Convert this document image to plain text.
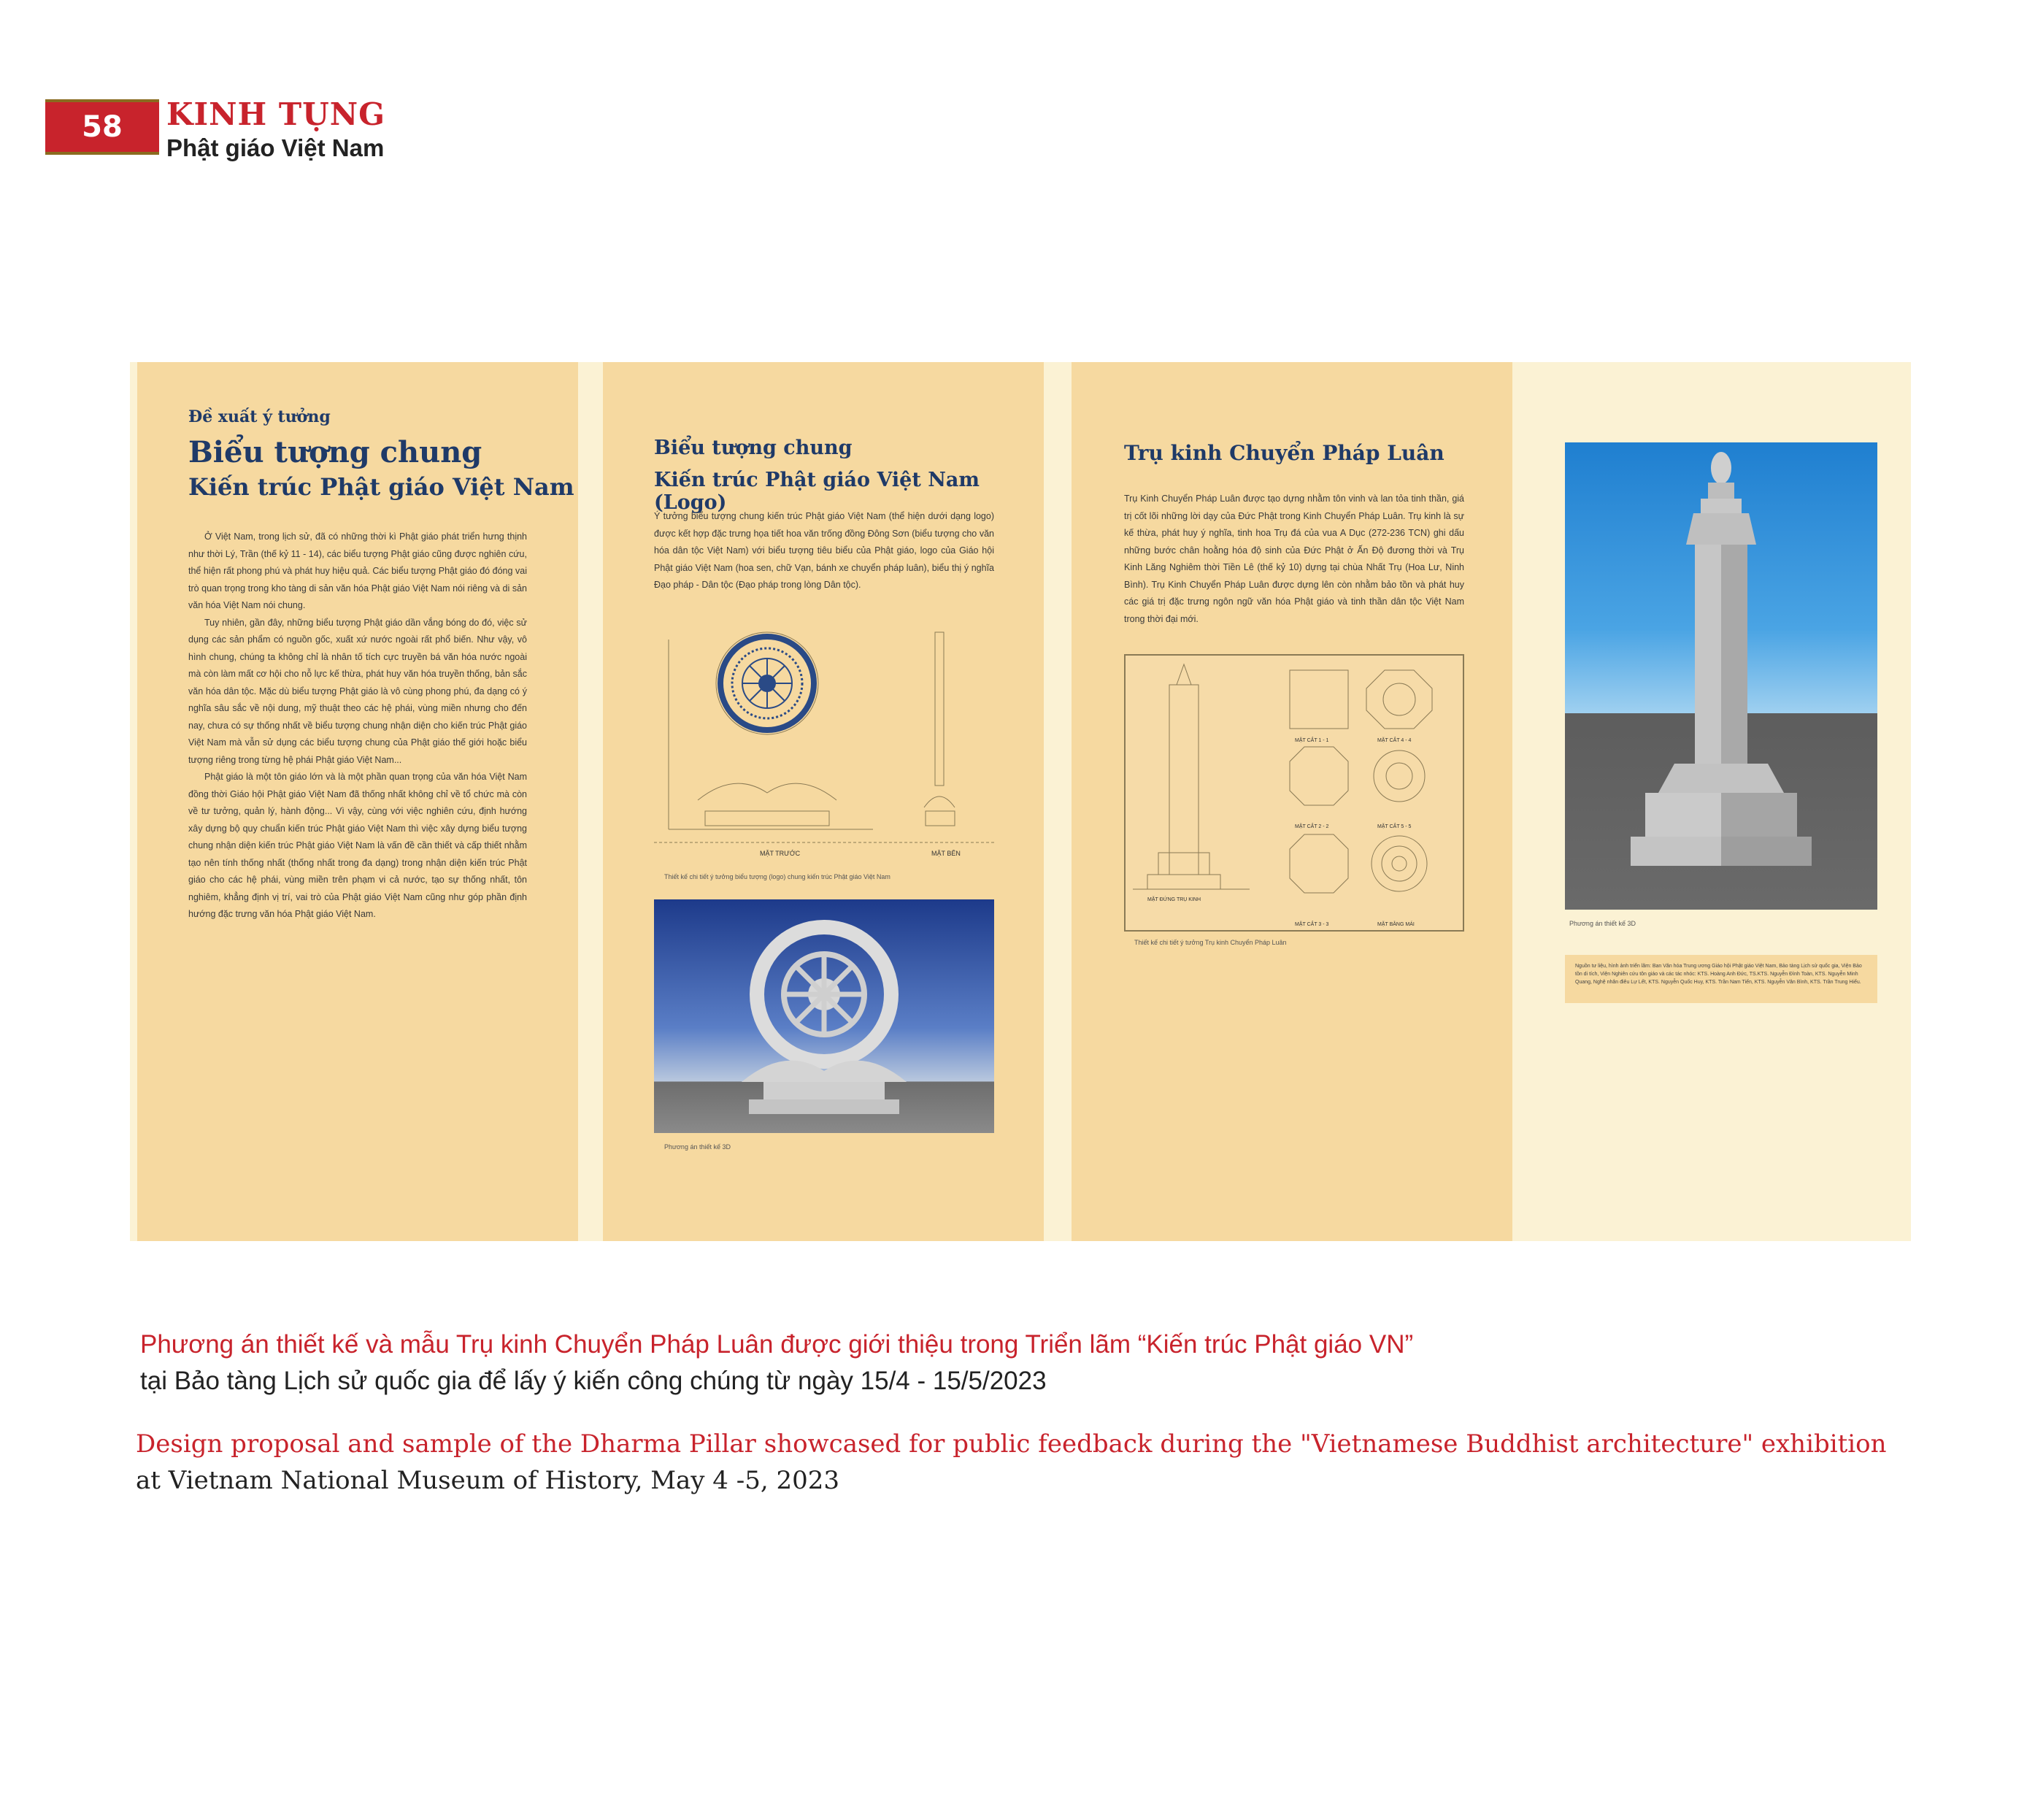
58	KINH TỤNG
Phật giáo Việt Nam
Đề xuất ý tưởng
Biểu tượng chung
Kiến trúc Phật giáo Việt Nam

Ở Việt Nam, trong lịch sử, đã có những thời kì Phật giáo phát triển hưng thịnh như thời Lý, Trần (thế kỷ 11 - 14), các biểu tượng Phật giáo cũng được nghiên cứu, thể hiện rất phong phú và phát huy hiệu quả. Các biểu tượng Phật giáo đó đóng vai trò quan trọng trong kho tàng di sản văn hóa Phật giáo Việt Nam nói riêng và di sản văn hóa Việt Nam nói chung.

Tuy nhiên, gần đây, những biểu tượng Phật giáo dần vắng bóng do đó, việc sử dụng các sản phẩm có nguồn gốc, xuất xứ nước ngoài rất phổ biến. Như vậy, vô hình chung, chúng ta không chỉ là nhân tố tích cực truyền bá văn hóa nước ngoài mà còn làm mất cơ hội cho nỗ lực kế thừa, phát huy văn hóa truyền thống, bản sắc văn hóa dân tộc. Mặc dù biểu tượng Phật giáo là vô cùng phong phú, đa dạng có ý nghĩa sâu sắc về nội dung, mỹ thuật theo các hệ phái, vùng miền nhưng cho đến nay, chưa có sự thống nhất về biểu tượng chung nhận diện cho kiến trúc Phật giáo Việt Nam mà vẫn sử dụng các biểu tượng chung của Phật giáo thế giới hoặc biểu tượng riêng trong từng hệ phái Phật giáo Việt Nam...

Phật giáo là một tôn giáo lớn và là một phần quan trọng của văn hóa Việt Nam đồng thời Giáo hội Phật giáo Việt Nam đã thống nhất không chỉ về tổ chức mà còn về tư tưởng, quản lý, hành động... Vì vậy, cùng với việc nghiên cứu, định hướng xây dựng bộ quy chuẩn kiến trúc Phật giáo Việt Nam thì việc xây dựng biểu tượng chung nhận diện kiến trúc Phật giáo Việt Nam là vấn đề cần thiết và cấp thiết nhằm tạo nên tính thống nhất (thống nhất trong đa dạng) trong nhận diện kiến trúc Phật giáo cho các hệ phái, vùng miền trên phạm vi cả nước, tạo sự thống nhất, tôn nghiêm, khẳng định vị trí, vai trò của Phật giáo Việt Nam cũng như góp phần định hướng đặc trưng văn hóa Phật giáo Việt Nam.

Biểu tượng chung
Kiến trúc Phật giáo Việt Nam (Logo)
Ý tưởng biểu tượng chung kiến trúc Phật giáo Việt Nam (thể hiện dưới dạng logo) được kết hợp đặc trưng họa tiết hoa văn trống đồng Đông Sơn (biểu tượng cho văn hóa dân tộc Việt Nam) với biểu tượng tiêu biểu của Phật giáo, logo của Giáo hội Phật giáo Việt Nam (hoa sen, chữ Vạn, bánh xe chuyển pháp luân), biểu thị ý nghĩa Đạo pháp - Dân tộc (Đạo pháp trong lòng Dân tộc).
MẶT TRƯỚC	MẶT BÊN
Thiết kế chi tiết ý tưởng biểu tượng (logo) chung kiến trúc Phật giáo Việt Nam
Phương án thiết kế 3D
Trụ kinh Chuyển Pháp Luân
Trụ Kinh Chuyển Pháp Luân được tạo dựng nhằm tôn vinh và lan tỏa tinh thần, giá trị cốt lõi những lời dạy của Đức Phật trong Kinh Chuyển Pháp Luân. Trụ kinh là sự kế thừa, phát huy ý nghĩa, tinh hoa Trụ đá của vua A Dục (272-236 TCN) ghi dấu những bước chân hoằng hóa độ sinh của Đức Phật ở Ấn Độ đương thời và Trụ Kinh Lăng Nghiêm thời Tiền Lê (thế kỷ 10) dựng tại chùa Nhất Trụ (Hoa Lư, Ninh Bình). Trụ Kinh Chuyển Pháp Luân được dựng lên còn nhằm bảo tồn và phát huy các giá trị đặc trưng ngôn ngữ văn hóa Phật giáo và tinh thần dân tộc Việt Nam trong thời đại mới.
MẶT CẮT 1 - 1	MẶT CẮT 4 - 4
MẶT CẮT 2 - 2	MẶT CẮT 5 - 5
MẶT ĐỨNG TRỤ KINH
MẶT CẮT 3 - 3	MẶT BẰNG MÁI
Thiết kế chi tiết ý tưởng Trụ kinh Chuyển Pháp Luân
Phương án thiết kế 3D
Nguồn tư liệu, hình ảnh triển lãm: Ban Văn hóa Trung ương Giáo hội Phật giáo Việt Nam, Bảo tàng Lịch sử quốc gia, Viện Bảo tồn di tích, Viện Nghiên cứu tôn giáo và các tác nhóc: KTS. Hoàng Anh Đức, TS.KTS. Nguyễn Đình Toàn, KTS. Nguyễn Minh Quang, Nghệ nhân điêu Lự Lết, KTS. Nguyễn Quốc Huy, KTS. Trần Nam Tiến, KTS. Nguyễn Văn Bình, KTS. Trần Trung Hiếu.
Phương án thiết kế và mẫu Trụ kinh Chuyển Pháp Luân được giới thiệu trong Triển lãm “Kiến trúc Phật giáo VN”
tại Bảo tàng Lịch sử quốc gia để lấy ý kiến công chúng từ ngày 15/4 - 15/5/2023
Design proposal and sample of the Dharma Pillar showcased for public feedback during the "Vietnamese Buddhist architecture" exhibition
at Vietnam National Museum of History, May 4 -5, 2023
